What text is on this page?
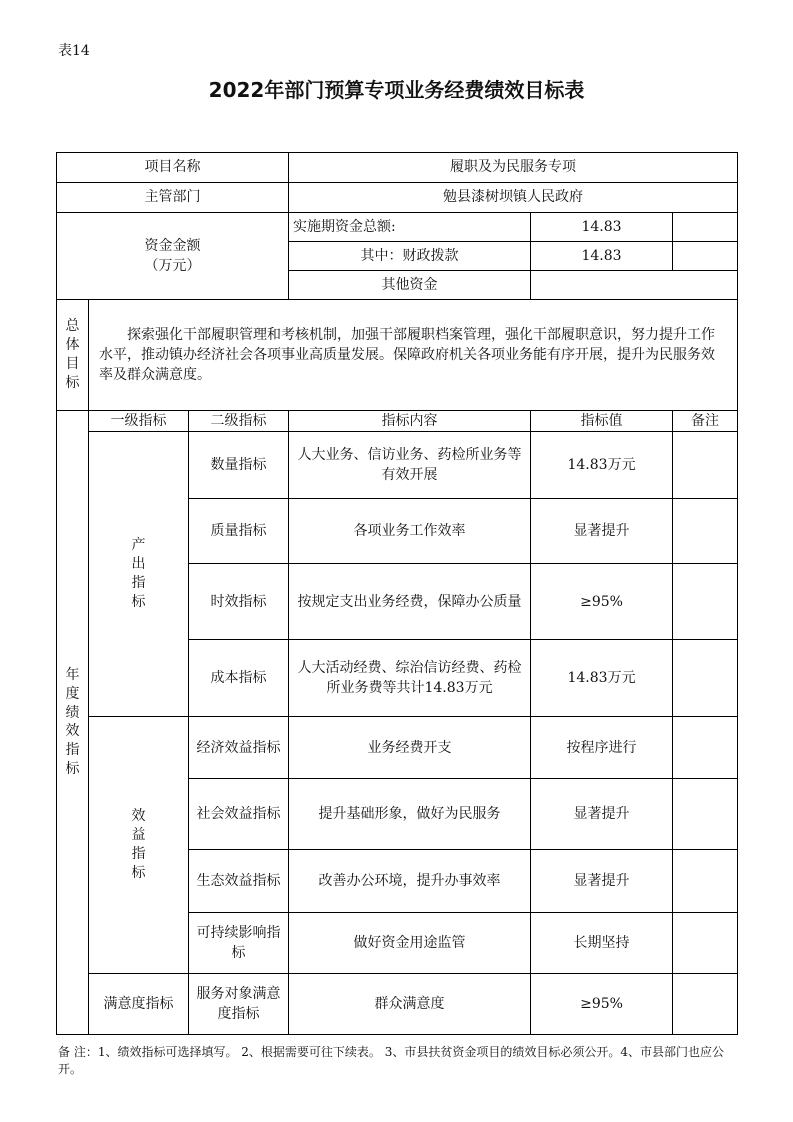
表14
2022年部门预算专项业务经费绩效目标表
项目名称			履职及为民服务专项		
主管部门			勉县漆树坝镇人民政府		

资金金额
（万元）			实施期资金总额:	14.83	
			其中：财政拨款	14.83	
			其他资金		
总体目标	探索强化干部履职管理和考核机制，加强干部履职档案管理，强化干部履职意识，努力提升工作水平，推动镇办经济社会各项事业高质量发展。保障政府机关各项业务能有序开展，提升为民服务效率及群众满意度。				
年度绩效指标	一级指标	二级指标	指标内容	指标值	备注
	产出指标	数量指标	人大业务、信访业务、药检所业务等有效开展	14.83万元	
		质量指标	各项业务工作效率	显著提升	
		时效指标	按规定支出业务经费，保障办公质量	≥95%	
		成本指标	人大活动经费、综治信访经费、药检所业务费等共计14.83万元	14.83万元	
	效益指标	经济效益指标	业务经费开支	按程序进行	
		社会效益指标	提升基础形象，做好为民服务	显著提升	
		生态效益指标	改善办公环境，提升办事效率	显著提升	
		可持续影响指标	做好资金用途监管	长期坚持	
	满意度指标	服务对象满意度指标	群众满意度	≥95%	
备 注：1、绩效指标可选择填写。 2、根据需要可往下续表。 3、市县扶贫资金项目的绩效目标必须公开。4、市县部门也应公开。
